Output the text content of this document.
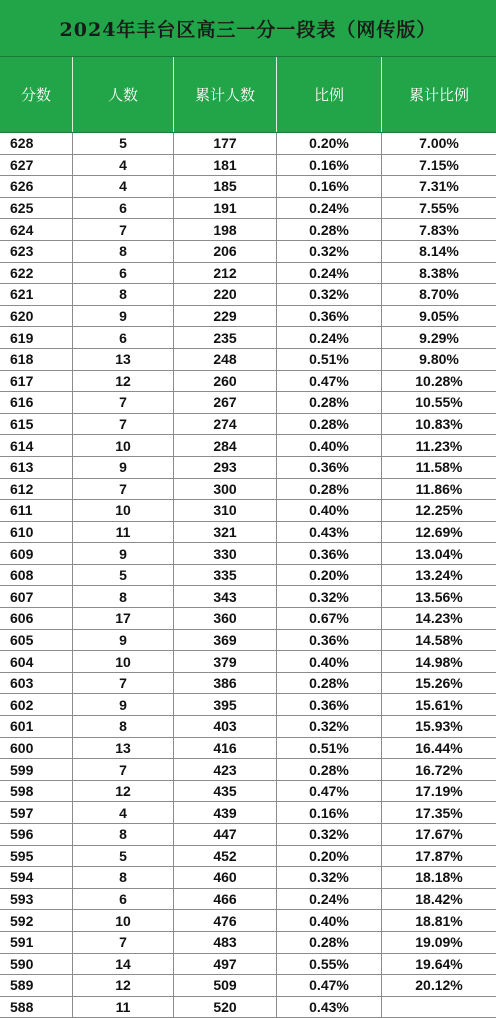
2024年丰台区高三一分一段表（网传版）
分数	人数	累计人数	比例	累计比例
628	5	177	0.20%	7.00%
627	4	181	0.16%	7.15%
626	4	185	0.16%	7.31%
625	6	191	0.24%	7.55%
624	7	198	0.28%	7.83%
623	8	206	0.32%	8.14%
622	6	212	0.24%	8.38%
621	8	220	0.32%	8.70%
620	9	229	0.36%	9.05%
619	6	235	0.24%	9.29%
618	13	248	0.51%	9.80%
617	12	260	0.47%	10.28%
616	7	267	0.28%	10.55%
615	7	274	0.28%	10.83%
614	10	284	0.40%	11.23%
613	9	293	0.36%	11.58%
612	7	300	0.28%	11.86%
611	10	310	0.40%	12.25%
610	11	321	0.43%	12.69%
609	9	330	0.36%	13.04%
608	5	335	0.20%	13.24%
607	8	343	0.32%	13.56%
606	17	360	0.67%	14.23%
605	9	369	0.36%	14.58%
604	10	379	0.40%	14.98%
603	7	386	0.28%	15.26%
602	9	395	0.36%	15.61%
601	8	403	0.32%	15.93%
600	13	416	0.51%	16.44%
599	7	423	0.28%	16.72%
598	12	435	0.47%	17.19%
597	4	439	0.16%	17.35%
596	8	447	0.32%	17.67%
595	5	452	0.20%	17.87%
594	8	460	0.32%	18.18%
593	6	466	0.24%	18.42%
592	10	476	0.40%	18.81%
591	7	483	0.28%	19.09%
590	14	497	0.55%	19.64%
589	12	509	0.47%	20.12%
588	11	520	0.43%
